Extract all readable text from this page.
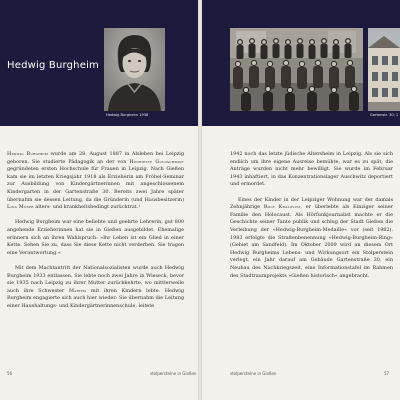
Hedwig Burgheim
Hedwig Burgheim 1938

Hedwig Burgheim wurde am 28. August 1887 in Alsleben bei Leipzig geboren. Sie studierte Pädagogik an der von Henriette Goldschmidt gegründeten ersten Hochschule für Frauen in Leipzig. Nach Gießen kam sie im letzten Kriegsjahr 1918 als Erzieherin am Fröbel-Seminar zur Ausbildung von Kindergärtnerinnen mit angeschlossenem Kindergarten in der Gartenstraße 30. Bereits zwei Jahre später übernahm sie dessen Leitung, da die Gründerin (und Hausbesitzerin) Lina Möser alters- und krankheitsbedingt zurücktrat.¹

Hedwig Burgheim war eine beliebte und geehrte Lehrerin, gut 800 angehende Erzieherinnen hat sie in Gießen ausgebildet. Ehemalige erinnern sich an ihren Wahlspruch: »Ihr Leben ist ein Glied in einer Kette. Sehen Sie zu, dass Sie diese Kette nicht verderben. Sie tragen eine Verantwortung.«

Mit dem Machtantritt der Nationalsozialisten wurde auch Hedwig Burgheim 1933 entlassen. Sie lebte noch zwei Jahre in Wieseck, bevor sie 1935 nach Leipzig zu ihrer Mutter zurückkehrte, wo mittlerweile auch ihre Schwester Martha mit ihren Kindern lebte. Hedwig Burgheim engagierte sich auch hier wieder: Sie übernahm die Leitung einer Haushaltungs- und Kindergärtnerinnenschule, leitete

56	stolpersteine in Gießen
Gartenstr. 30, 1

1942 noch das letzte jüdische Altersheim in Leipzig. Als sie sich endlich um ihre eigene Ausreise bemühte, war es zu spät, die Anträge wurden nicht mehr bewilligt. Sie wurde im Februar 1943 inhaftiert, in das Konzentrationslager Auschwitz deportiert und ermordet.

Eines der Kinder in der Leipziger Wohnung war der damals Zehnjährige Rolf Kralovitz, er überlebte als Einziger seiner Familie den Holocaust. Als Hörfunkjournalist machte er die Geschichte seiner Tante publik und schlug der Stadt Gießen die Verleihung der »Hedwig-Burgheim-Medaille« vor (seit 1982). 1983 erfolgte die Straßenbenennung »Hedwig-Burgheim-Ring« (Gebiet am Sandfeld). Im Oktober 2009 wird an diesem Ort Hedwig Burgheims Lebens- und Wirkungsort ein Stolperstein verlegt, ein Jahr darauf am Gebäude Gartenstraße 30, ein Neubau des Nachkriegszeit, eine Informationstafel im Rahmen des Stadtraumprojekts »Gießen historisch« angebracht.

stolpersteine in Gießen	57
